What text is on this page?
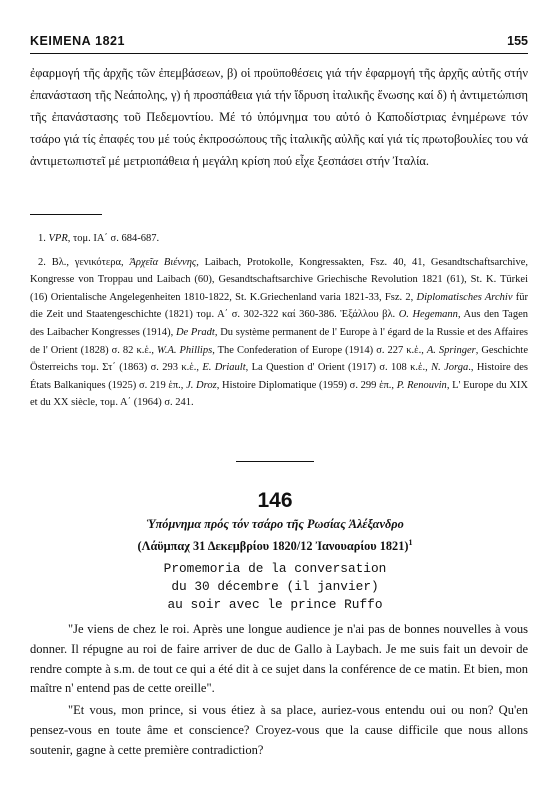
ΚΕΙΜΕΝΑ 1821	155
ἐφαρμογή τῆς ἀρχῆς τῶν ἐπεμβάσεων, β) οἱ προϋποθέσεις γιά τήν ἐφαρμογή τῆς ἀρχῆς αὐτῆς στήν ἐπανάσταση τῆς Νεάπολης, γ) ἡ προσπάθεια γιά τήν ἵδρυση ἰταλικῆς ἕνωσης καί δ) ἡ ἀντιμετώπιση τῆς ἐπανάστασης τοῦ Πεδεμοντίου. Μέ τό ὑπόμνημα του αὐτό ὁ Καποδίστριας ἐνημέρωνε τόν τσάρο γιά τίς ἐπαφές του μέ τούς ἐκπροσώπους τῆς ἰταλικῆς αὐλῆς καί γιά τίς πρωτοβουλίες του νά ἀντιμετωπιστεῖ μέ μετριοπάθεια ἡ μεγάλη κρίση πού εἶχε ξεσπάσει στήν Ἰταλία.
1. VPR, τομ. ΙΑ΄ σ. 684-687.
2. Βλ., γενικότερα, Ἀρχεῖα Βιέννης, Laibach, Protokolle, Kongressakten, Fsz. 40, 41, Gesandtschaftsarchive, Kongresse von Troppau und Laibach (60), Gesandtschaftsarchive Griechische Revolution 1821 (61), St. K. Türkei (16) Orientalische Angelegenheiten 1810-1822, St. K.Griechenland varia 1821-33, Fsz. 2, Diplomatisches Archiv für die Zeit und Staatengeschichte (1821) τομ. Α΄ σ. 302-322 καί 360-386. Ἐξάλλου βλ. O. Hegemann, Aus den Tagen des Laibacher Kongresses (1914), De Pradt, Du système permanent de l' Europe à l' égard de la Russie et des Affaires de l' Orient (1828) σ. 82 κ.ἑ., W.A. Phillips, The Confederation of Europe (1914) σ. 227 κ.ἑ., A. Springer, Geschichte Österreichs τομ. Στ΄ (1863) σ. 293 κ.ἑ., E. Driault, La Question d' Orient (1917) σ. 108 κ.ἑ., N. Jorga., Histoire des États Balkaniques (1925) σ. 219 ἑπ., J. Droz, Histoire Diplomatique (1959) σ. 299 ἑπ., P. Renouvin, L' Europe du XIX et du XX siècle, τομ. Α΄ (1964) σ. 241.
146
Ὑπόμνημα πρός τόν τσάρο τῆς Ρωσίας Ἀλέξανδρο
(Λάϋμπαχ 31 Δεκεμβρίου 1820/12 Ἰανουαρίου 1821)$^1$
Promemoria de la conversation
du 30 décembre (il janvier)
au soir avec le prince Ruffo

"Je viens de chez le roi. Après une longue audience je n'ai pas de bonnes nouvelles à vous donner. Il répugne au roi de faire arriver de duc de Gallo à Laybach. Je me suis fait un devoir de rendre compte à s.m. de tout ce qui a été dit à ce sujet dans la conférence de ce matin. Et bien, mon maître n' entend pas de cette oreille".

"Et vous, mon prince, si vous étiez à sa place, auriez-vous entendu oui ou non? Qu'en pensez-vous en toute âme et conscience? Croyez-vous que la cause difficile que nous allons soutenir, gagne à cette première contradiction?
